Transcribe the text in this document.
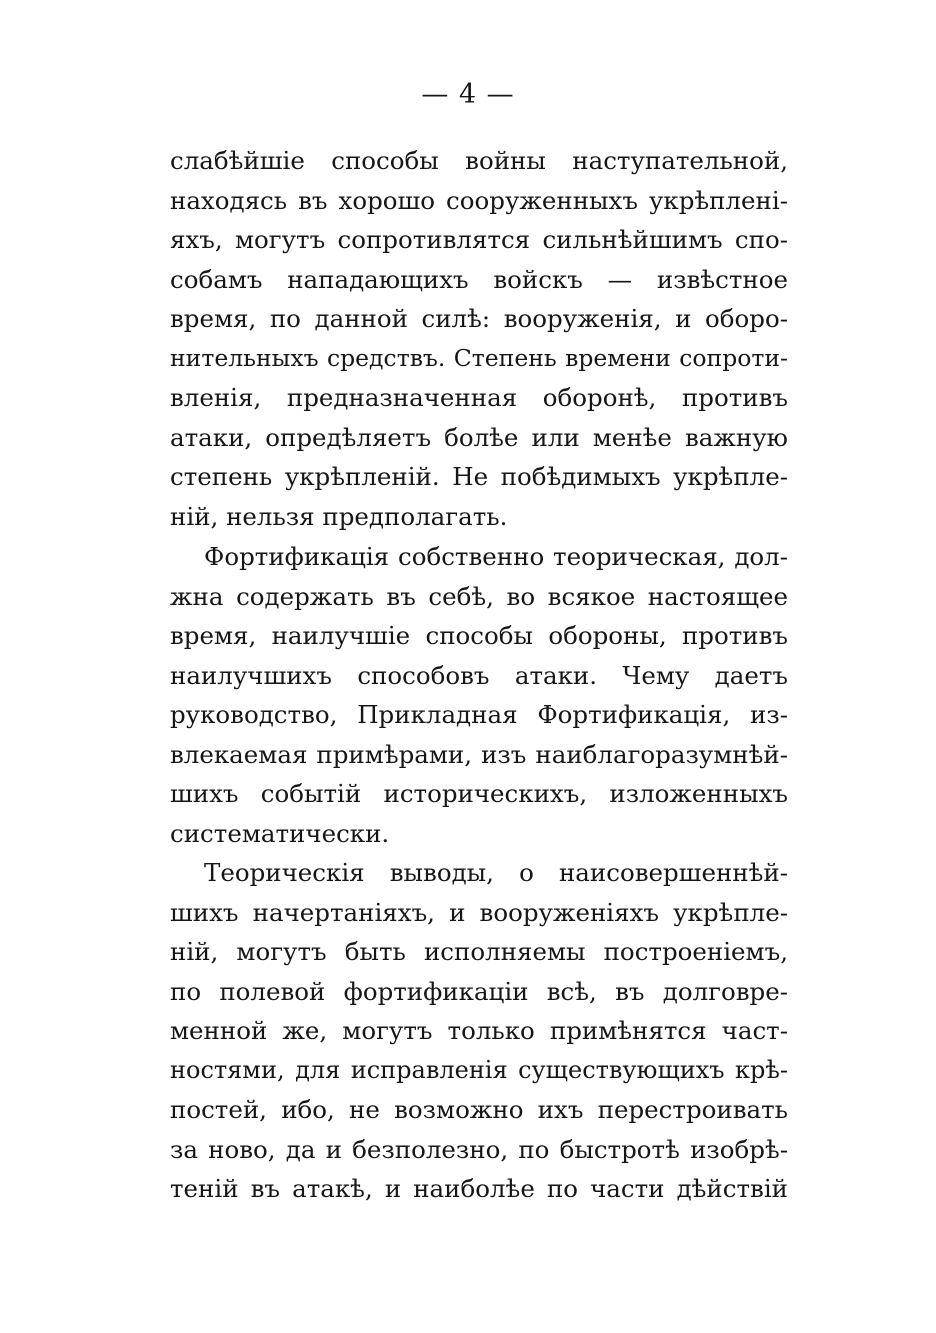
— 4 —
слабѣйшіе способы войны наступательной,
находясь въ хорошо сооруженныхъ укрѣплені-
яхъ, могутъ сопротивлятся сильнѣйшимъ спо-
собамъ нападающихъ войскъ — извѣстное
время, по данной силѣ: вооруженія, и оборо-
нительныхъ средствъ. Степень времени сопроти-
вленія, предназначенная оборонѣ, противъ
атаки, опредѣляетъ болѣе или менѣе важную
степень укрѣпленій. Не побѣдимыхъ укрѣпле-
ній, нельзя предполагать.
Фортификація собственно теорическая, дол-
жна содержать въ себѣ, во всякое настоящее
время, наилучшіе способы обороны, противъ
наилучшихъ способовъ атаки. Чему даетъ
руководство, Прикладная Фортификація, из-
влекаемая примѣрами, изъ наиблагоразумнѣй-
шихъ событій историческихъ, изложенныхъ
систематически.
Теорическія выводы, о наисовершеннѣй-
шихъ начертаніяхъ, и вооруженіяхъ укрѣпле-
ній, могутъ быть исполняемы построеніемъ,
по полевой фортификаціи всѣ, въ долговре-
менной же, могутъ только примѣнятся част-
ностями, для исправленія существующихъ крѣ-
постей, ибо, не возможно ихъ перестроивать
за ново, да и безполезно, по быстротѣ изобрѣ-
теній въ атакѣ, и наиболѣе по части дѣйствій
